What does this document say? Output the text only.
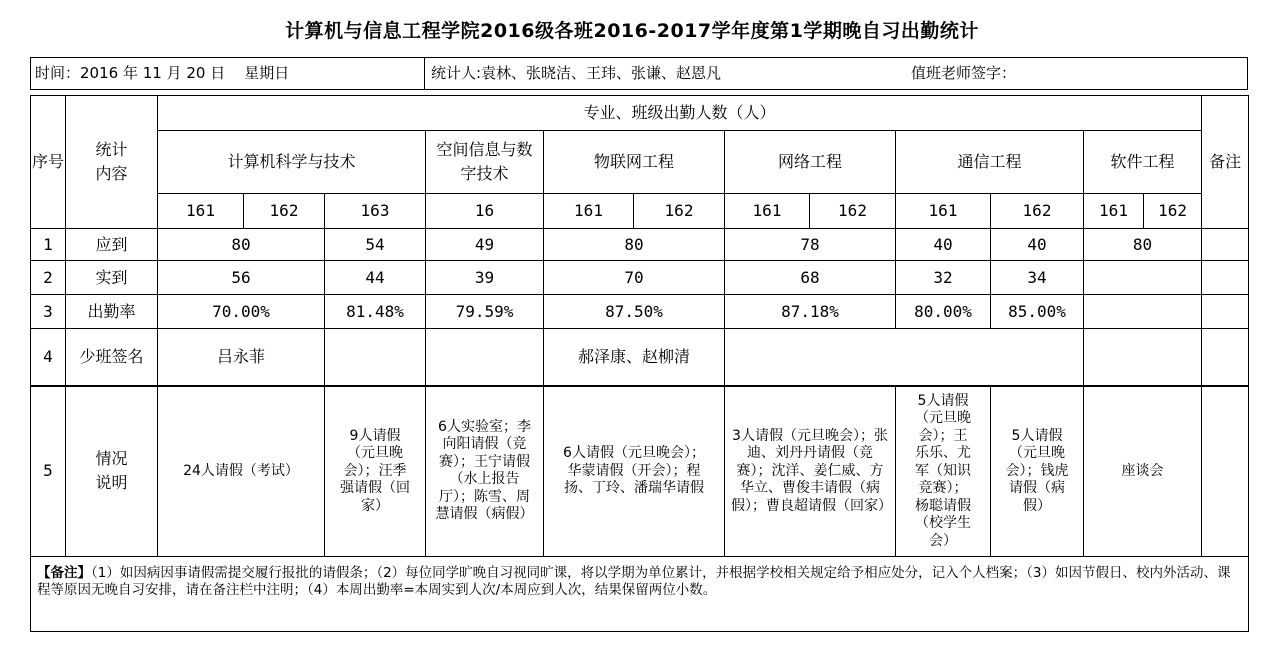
计算机与信息工程学院2016级各班2016-2017学年度第1学期晚自习出勤统计
时间：2016 年 11 月 20 日    星期日	统计人:袁林、张晓洁、王玮、张谦、赵恩凡	值班老师签字：
序号	统计内容	专业、班级出勤人数（人）												备注
		计算机科学与技术			空间信息与数字技术	物联网工程		网络工程		通信工程		软件工程		
		161	162	163	16	161	162	161	162	161	162	161	162	
1	应到	80		54	49	80		78		40	40	80		
2	实到	56		44	39	70		68		32	34			
3	出勤率	70.00%		81.48%	79.59%	87.50%		87.18%		80.00%	85.00%			
4	少班签名	吕永菲				郝泽康、赵柳清								
5	情况说明	24人请假（考试）		9人请假（元旦晚会）；汪季强请假（回家）	6人实验室；李向阳请假（竞赛）；王宁请假（水上报告厅）；陈雪、周慧请假（病假）	6人请假（元旦晚会）；华蒙请假（开会）；程扬、丁玲、潘瑞华请假		3人请假（元旦晚会）；张迪、刘丹丹请假（竞赛）；沈洋、姜仁威、方华立、曹俊丰请假（病假）；曹良超请假（回家）		5人请假（元旦晚会）；王乐乐、尤军（知识竞赛）；杨聪请假（校学生会）	5人请假（元旦晚会）；钱虎请假（病假）	座谈会		
【备注】（1）如因病因事请假需提交履行报批的请假条；（2）每位同学旷晚自习视同旷课，将以学期为单位累计，并根据学校相关规定给予相应处分，记入个人档案；（3）如因节假日、校内外活动、课程等原因无晚自习安排，请在备注栏中注明；（4）本周出勤率=本周实到人次/本周应到人次，结果保留两位小数。														
